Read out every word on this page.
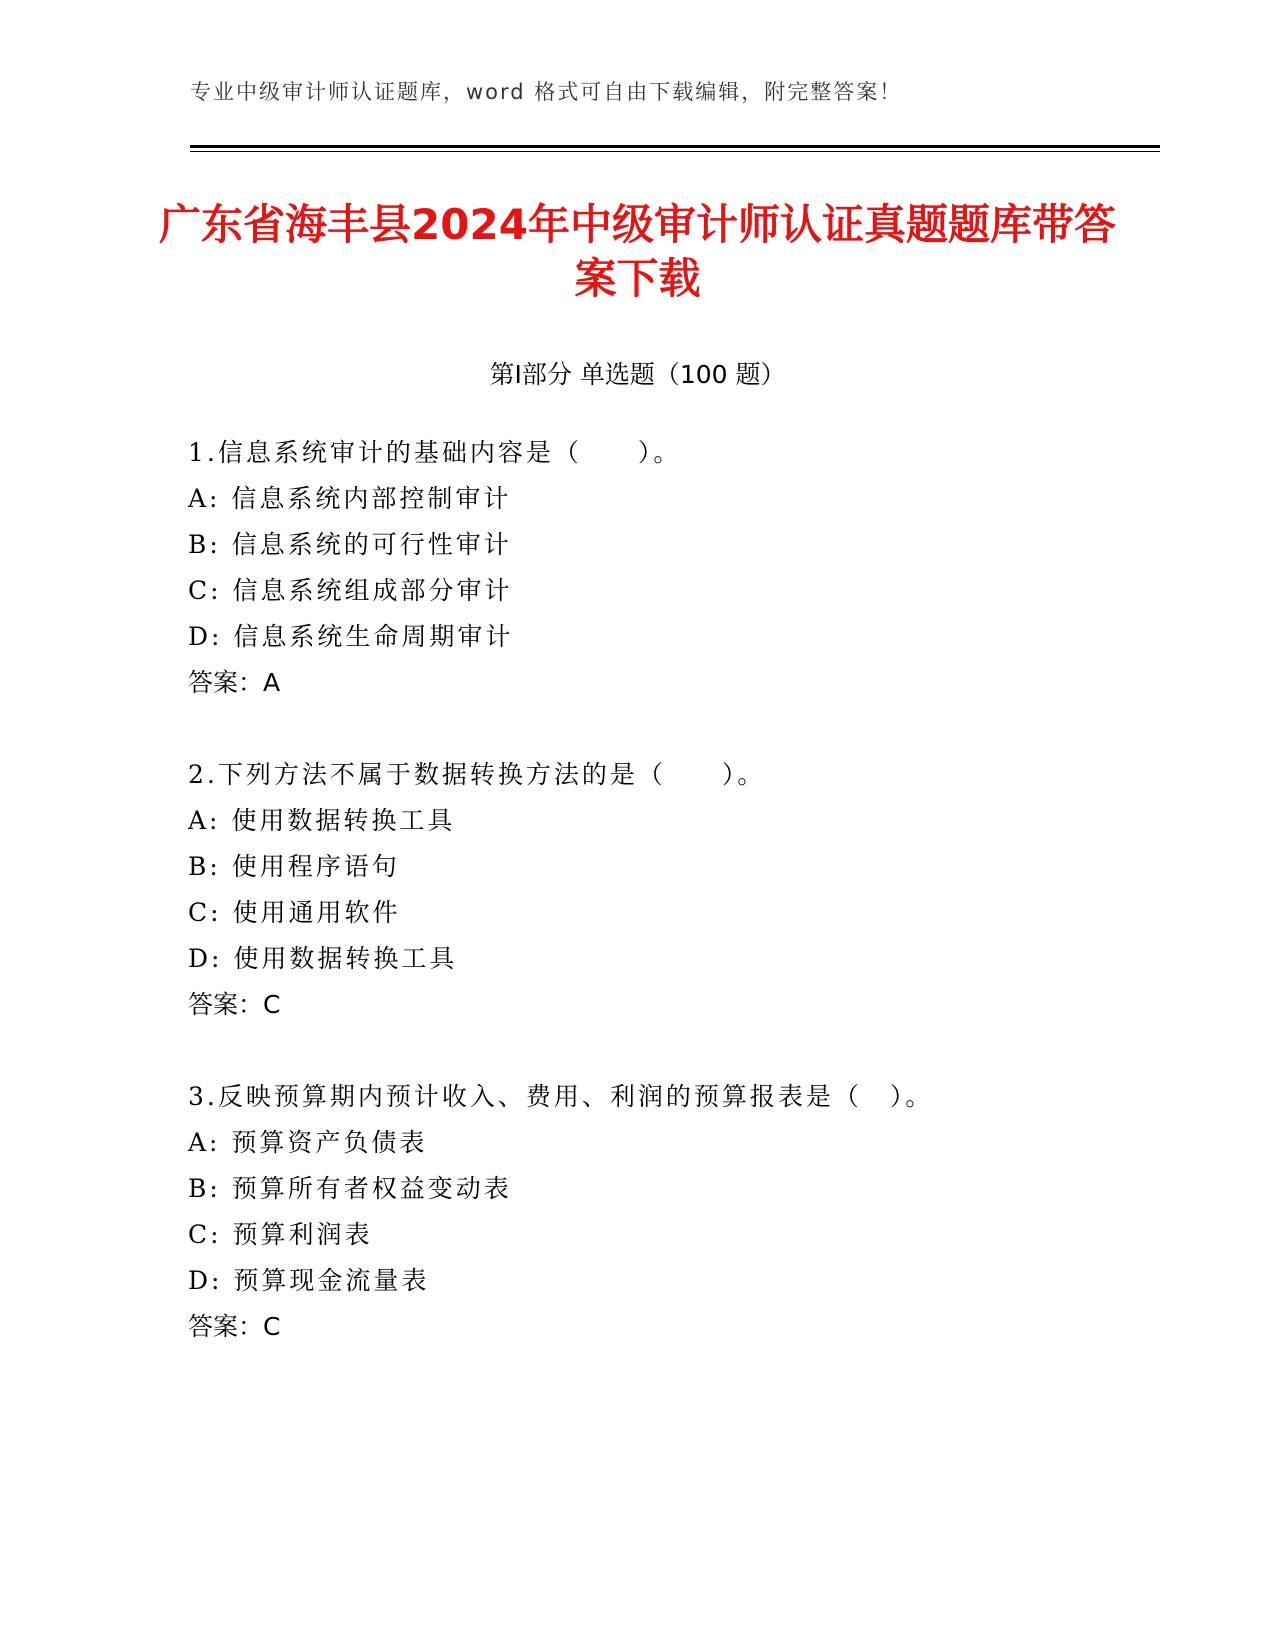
专业中级审计师认证题库，word 格式可自由下载编辑，附完整答案！
广东省海丰县2024年中级审计师认证真题题库带答案下载
第Ⅰ部分 单选题（100 题）
1.信息系统审计的基础内容是（　　）。
A: 信息系统内部控制审计
B: 信息系统的可行性审计
C: 信息系统组成部分审计
D: 信息系统生命周期审计
答案：A
2.下列方法不属于数据转换方法的是（　　）。
A: 使用数据转换工具
B: 使用程序语句
C: 使用通用软件
D: 使用数据转换工具
答案：C
3.反映预算期内预计收入、费用、利润的预算报表是（　）。
A: 预算资产负债表
B: 预算所有者权益变动表
C: 预算利润表
D: 预算现金流量表
答案：C
